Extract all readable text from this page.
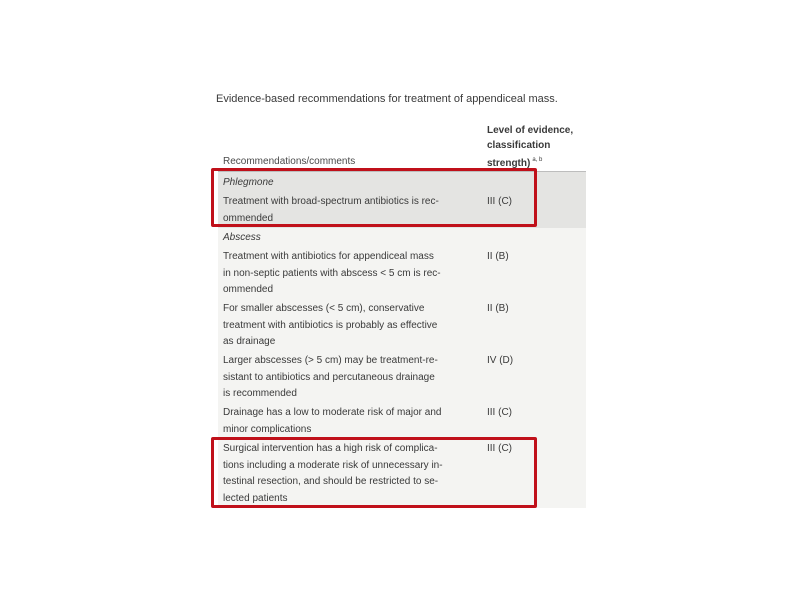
Evidence-based recommendations for treatment of appendiceal mass.
Recommendations/comments
Level of evidence,
classification
strength) $^{a, b}$
Phlegmone
Treatment with broad-spectrum antibiotics is rec-
ommended
III (C)
Abscess
Treatment with antibiotics for appendiceal mass
in non-septic patients with abscess < 5 cm is rec-
ommended
II (B)
For smaller abscesses (< 5 cm), conservative
treatment with antibiotics is probably as effective
as drainage
II (B)
Larger abscesses (> 5 cm) may be treatment-re-
sistant to antibiotics and percutaneous drainage
is recommended
IV (D)
Drainage has a low to moderate risk of major and
minor complications
III (C)
Surgical intervention has a high risk of complica-
tions including a moderate risk of unnecessary in-
testinal resection, and should be restricted to se-
lected patients
III (C)
